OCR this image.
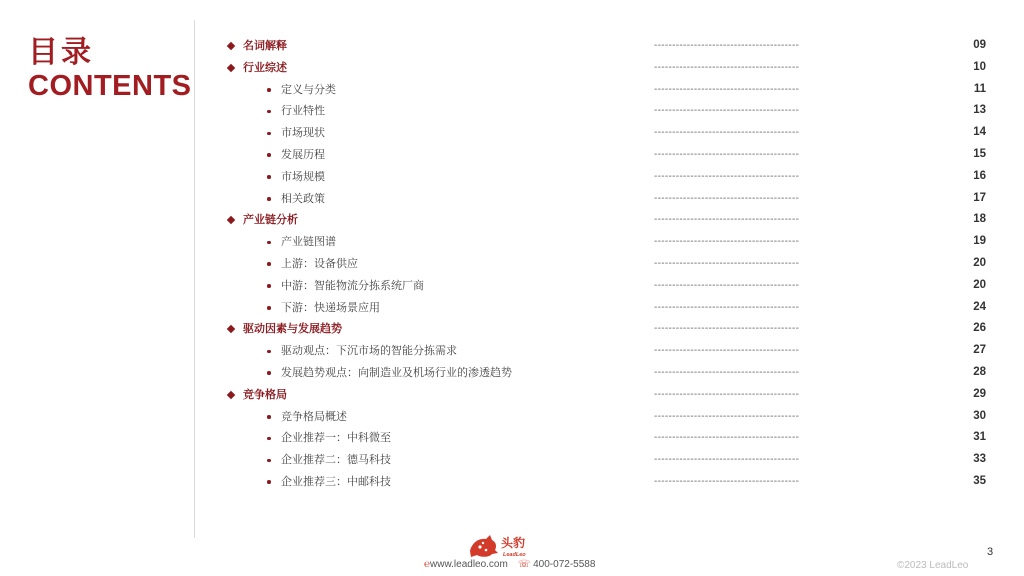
目录
CONTENTS
名词解释	----------------------------------------	09
行业综述	----------------------------------------	10
定义与分类	----------------------------------------	11
行业特性	----------------------------------------	13
市场现状	----------------------------------------	14
发展历程	----------------------------------------	15
市场规模	----------------------------------------	16
相关政策	----------------------------------------	17
产业链分析	----------------------------------------	18
产业链图谱	----------------------------------------	19
上游：设备供应	----------------------------------------	20
中游：智能物流分拣系统厂商	----------------------------------------	20
下游：快递场景应用	----------------------------------------	24
驱动因素与发展趋势	----------------------------------------	26
驱动观点：下沉市场的智能分拣需求	----------------------------------------	27
发展趋势观点：向制造业及机场行业的渗透趋势	----------------------------------------	28
竞争格局	----------------------------------------	29
竞争格局概述	----------------------------------------	30
企业推荐一：中科微至	----------------------------------------	31
企业推荐二：德马科技	----------------------------------------	33
企业推荐三：中邮科技	----------------------------------------	35
头豹
LeadLeo
℮www.leadleo.com ☏ 400-072-5588
3
©2023 LeadLeo
